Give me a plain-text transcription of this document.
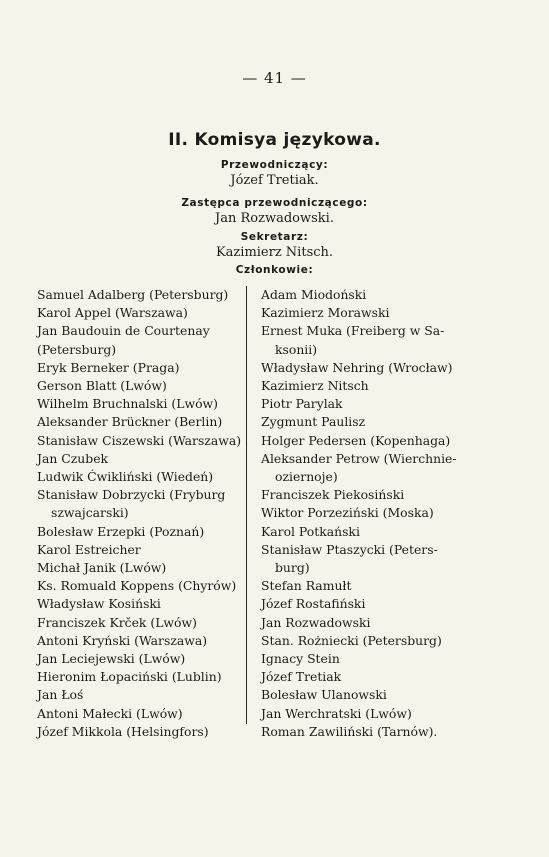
— 41 —
II. Komisya językowa.
Przewodniczący:
Józef Tretiak.
Zastępca przewodniczącego:
Jan Rozwadowski.
Sekretarz:
Kazimierz Nitsch.
Członkowie:
Samuel Adalberg (Petersburg)
Karol Appel (Warszawa)
Jan Baudouin de Courtenay
(Petersburg)
Eryk Berneker (Praga)
Gerson Blatt (Lwów)
Wilhelm Bruchnalski (Lwów)
Aleksander Brückner (Berlin)
Stanisław Ciszewski (Warszawa)
Jan Czubek
Ludwik Ćwikliński (Wiedeń)
Stanisław Dobrzycki (Fryburg
szwajcarski)
Bolesław Erzepki (Poznań)
Karol Estreicher
Michał Janik (Lwów)
Ks. Romuald Koppens (Chyrów)
Władysław Kosiński
Franciszek Krček (Lwów)
Antoni Kryński (Warszawa)
Jan Leciejewski (Lwów)
Hieronim Łopaciński (Lublin)
Jan Łoś
Antoni Małecki (Lwów)
Józef Mikkola (Helsingfors)
Adam Miodoński
Kazimierz Morawski
Ernest Muka (Freiberg w Sa-
ksonii)
Władysław Nehring (Wrocław)
Kazimierz Nitsch
Piotr Parylak
Zygmunt Paulisz
Holger Pedersen (Kopenhaga)
Aleksander Petrow (Wierchnie-
oziernoje)
Franciszek Piekosiński
Wiktor Porzeziński (Moska)
Karol Potkański
Stanisław Ptaszycki (Peters-
burg)
Stefan Ramułt
Józef Rostafiński
Jan Rozwadowski
Stan. Rożniecki (Petersburg)
Ignacy Stein
Józef Tretiak
Bolesław Ulanowski
Jan Werchratski (Lwów)
Roman Zawiliński (Tarnów).
